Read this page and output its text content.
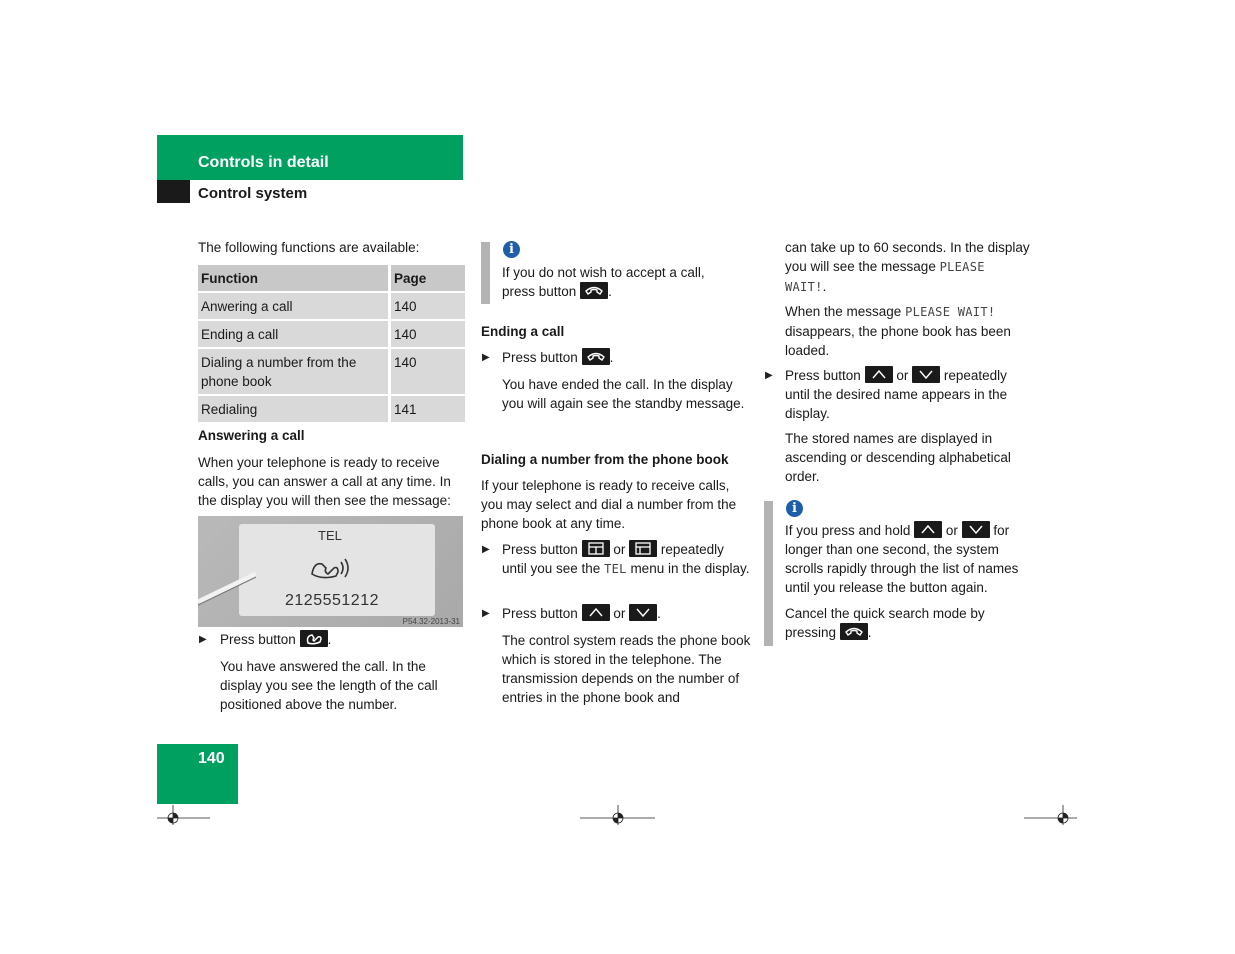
Controls in detail
Control system
The following functions are available:
Function	Page
Anwering a call	140
Ending a call	140
Dialing a number from the phone book	140
Redialing	141
Answering a call
When your telephone is ready to receive calls, you can answer a call at any time. In the display you will then see the message:
TEL
2125551212
P54.32-2013-31
▶ Press button .
You have answered the call. In the display you see the length of the call positioned above the number.
i
If you do not wish to accept a call, press button .
Ending a call
▶ Press button .
You have ended the call. In the display you will again see the standby message.
Dialing a number from the phone book
If your telephone is ready to receive calls, you may select and dial a number from the phone book at any time.
▶ Press button	or	repeatedly until you see the TEL menu in the display.
▶ Press button	or .
The control system reads the phone book which is stored in the telephone. The transmission depends on the number of entries in the phone book and
can take up to 60 seconds. In the display you will see the message PLEASE WAIT!.
When the message PLEASE WAIT! disappears, the phone book has been loaded.
▶ Press button	or	repeatedly until the desired name appears in the display.
The stored names are displayed in ascending or descending alphabetical order.
i
If you press and hold	or	for longer than one second, the system scrolls rapidly through the list of names until you release the button again.
Cancel the quick search mode by pressing .
140
